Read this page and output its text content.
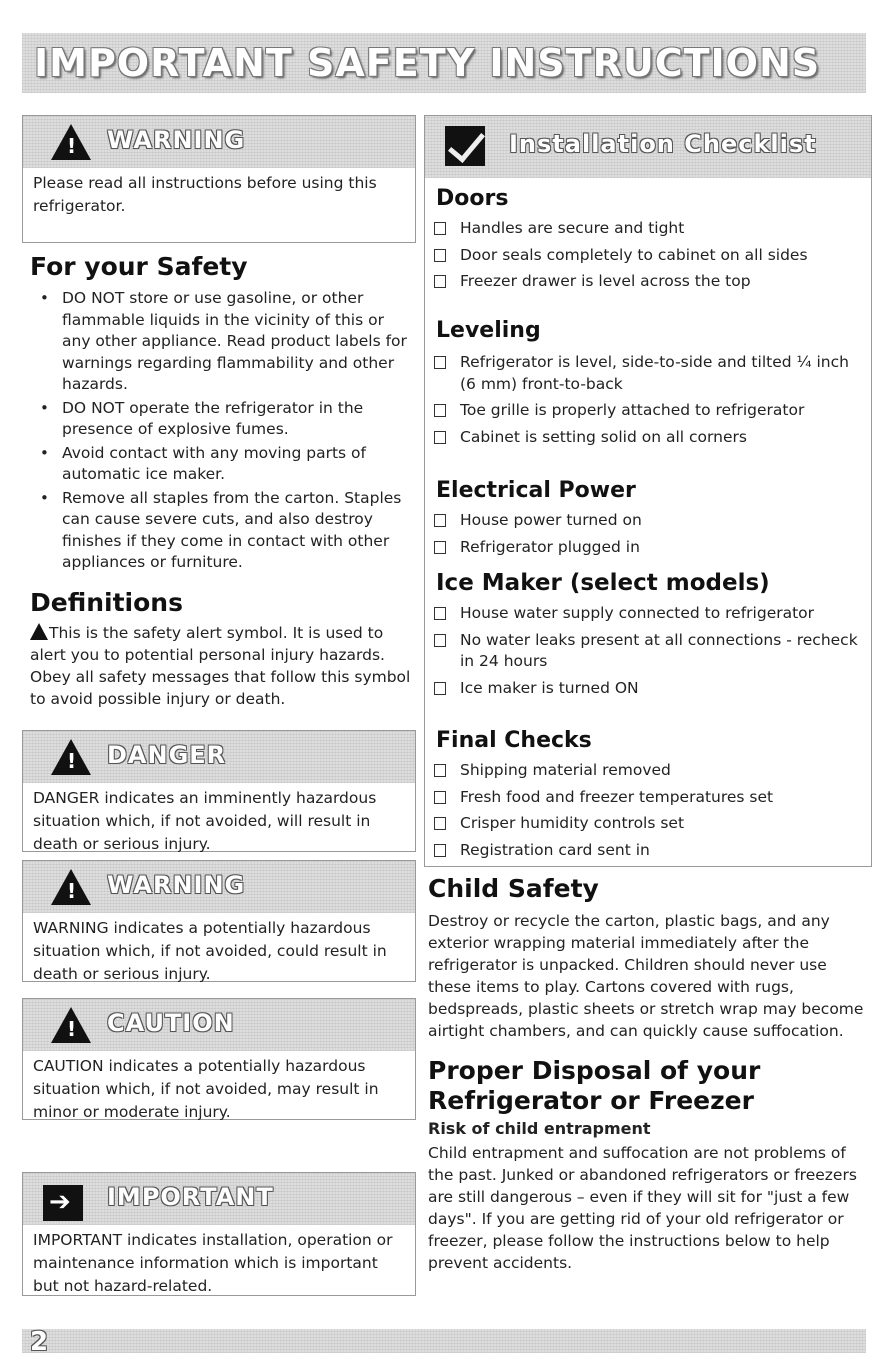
IMPORTANT SAFETY INSTRUCTIONS
!
WARNING
Please read all instructions before using this refrigerator.
For your Safety
• DO NOT store or use gasoline, or other flammable liquids in the vicinity of this or any other appliance. Read product labels for warnings regarding flammability and other hazards.
• DO NOT operate the refrigerator in the presence of explosive fumes.
• Avoid contact with any moving parts of automatic ice maker.
• Remove all staples from the carton. Staples can cause severe cuts, and also destroy finishes if they come in contact with other appliances or furniture.
Definitions
This is the safety alert symbol. It is used to alert you to potential personal injury hazards. Obey all safety messages that follow this symbol to avoid possible injury or death.
!
DANGER
DANGER indicates an imminently hazardous situation which, if not avoided, will result in death or serious injury.
!
WARNING
WARNING indicates a potentially hazardous situation which, if not avoided, could result in death or serious injury.
!
CAUTION
CAUTION indicates a potentially hazardous situation which, if not avoided, may result in minor or moderate injury.
➔
IMPORTANT
IMPORTANT indicates installation, operation or maintenance information which is important but not hazard-related.
Installation Checklist
Doors
Handles are secure and tight
Door seals completely to cabinet on all sides
Freezer drawer is level across the top
Leveling
Refrigerator is level, side-to-side and tilted ¼ inch (6 mm) front-to-back
Toe grille is properly attached to refrigerator
Cabinet is setting solid on all corners
Electrical Power
House power turned on
Refrigerator plugged in
Ice Maker (select models)
House water supply connected to refrigerator
No water leaks present at all connections - recheck in 24 hours
Ice maker is turned ON
Final Checks
Shipping material removed
Fresh food and freezer temperatures set
Crisper humidity controls set
Registration card sent in
Child Safety
Destroy or recycle the carton, plastic bags, and any exterior wrapping material immediately after the refrigerator is unpacked. Children should never use these items to play. Cartons covered with rugs, bedspreads, plastic sheets or stretch wrap may become airtight chambers, and can quickly cause suffocation.
Proper Disposal of your
Refrigerator or Freezer
Risk of child entrapment
Child entrapment and suffocation are not problems of the past. Junked or abandoned refrigerators or freezers are still dangerous – even if they will sit for "just a few days". If you are getting rid of your old refrigerator or freezer, please follow the instructions below to help prevent accidents.
2
